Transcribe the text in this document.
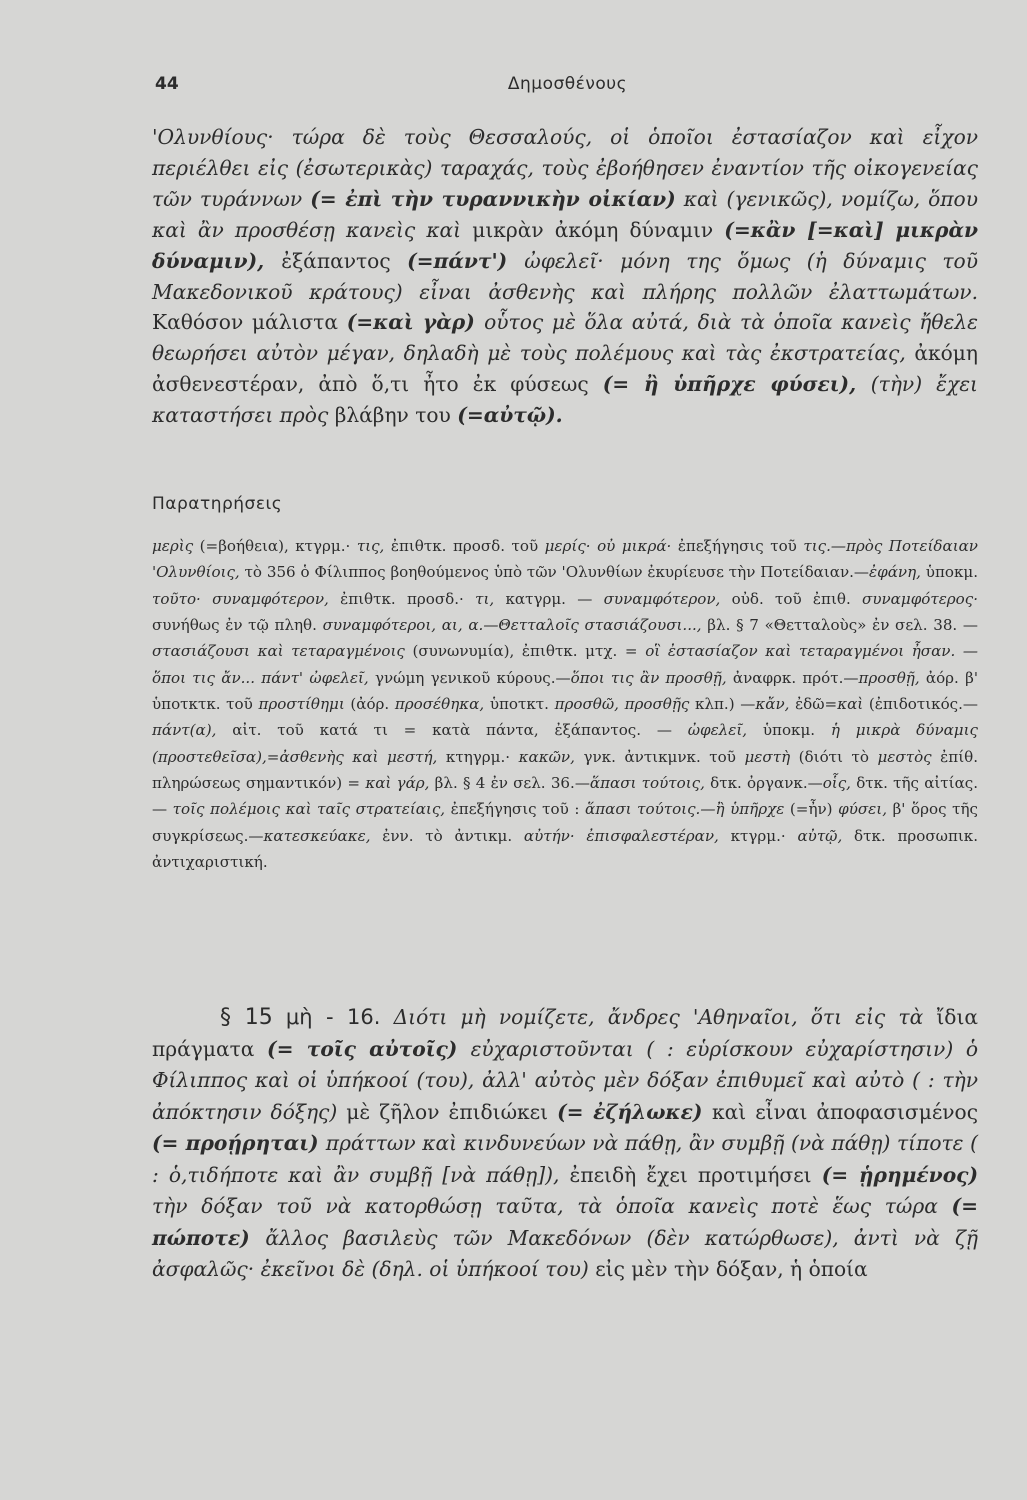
44	Δημοσθένους

'Ολυνθίους· τώρα δὲ τοὺς Θεσσαλούς, οἱ ὁποῖοι ἐστασίαζον καὶ εἶχον περιέλθει εἰς (ἐσωτερικὰς) ταραχάς, τοὺς ἐβοήθησεν ἐναντίον τῆς οἰκογενείας τῶν τυράννων (= ἐπὶ τὴν τυραννικὴν οἰκίαν) καὶ (γενικῶς), νομίζω, ὅπου καὶ ἂν προσθέσῃ κανεὶς καὶ μικρὰν ἀκόμη δύναμιν (=κἂν [=καὶ] μικρὰν δύναμιν), ἐξάπαντος (=πάντ') ὠφελεῖ· μόνη της ὅμως (ἡ δύναμις τοῦ Μακεδονικοῦ κράτους) εἶναι ἀσθενὴς καὶ πλήρης πολλῶν ἐλαττωμάτων. Καθόσον μάλιστα (=καὶ γὰρ) οὗτος μὲ ὅλα αὐτά, διὰ τὰ ὁποῖα κανεὶς ἤθελε θεωρήσει αὐτὸν μέγαν, δηλαδὴ μὲ τοὺς πολέμους καὶ τὰς ἐκστρατείας, ἀκόμη ἀσθενεστέραν, ἀπὸ ὅ,τι ἦτο ἐκ φύσεως (= ἢ ὑπῆρχε φύσει), (τὴν) ἔχει καταστήσει πρὸς βλάβην του (=αὐτῷ).

Παρατηρήσεις

μερὶς (=βοήθεια), κτγρμ.· τις, ἐπιθτκ. προσδ. τοῦ μερίς· οὐ μικρά· ἐπεξήγησις τοῦ τις.—πρὸς Ποτείδαιαν 'Ολυνθίοις, τὸ 356 ὁ Φίλιππος βοηθούμενος ὑπὸ τῶν 'Ολυνθίων ἐκυρίευσε τὴν Ποτείδαιαν.—ἐφάνη, ὑποκμ. τοῦτο· συναμφότερον, ἐπιθτκ. προσδ.· τι, κατγρμ. — συναμφότερον, οὐδ. τοῦ ἐπιθ. συναμφότερος· συνήθως ἐν τῷ πληθ. συναμφότεροι, αι, α.—Θετταλοῖς στασιάζουσι..., βλ. § 7 «Θετταλοὺς» ἐν σελ. 38. — στασιάζουσι καὶ τεταραγμένοις (συνωνυμία), ἐπιθτκ. μτχ. = οἳ ἐστασίαζον καὶ τεταραγμένοι ἦσαν. — ὅποι τις ἄν... πάντ' ὠφελεῖ, γνώμη γενικοῦ κύρους.—ὅποι τις ἂν προσθῇ, ἀναφρκ. πρότ.—προσθῇ, ἀόρ. β' ὑποτκτκ. τοῦ προστίθημι (ἀόρ. προσέθηκα, ὑποτκτ. προσθῶ, προσθῇς κλπ.) —κἄν, ἐδῶ=καὶ (ἐπιδοτικός.—πάντ(α), αἰτ. τοῦ κατά τι = κατὰ πάντα, ἐξάπαντος. — ὠφελεῖ, ὑποκμ. ἡ μικρὰ δύναμις (προστεθεῖσα),=ἀσθενὴς καὶ μεστή, κτηγρμ.· κακῶν, γνκ. ἀντικμνκ. τοῦ μεστὴ (διότι τὸ μεστὸς ἐπίθ. πληρώσεως σημαντικόν) = καὶ γάρ, βλ. § 4 ἐν σελ. 36.—ἅπασι τούτοις, δτκ. ὀργανκ.—οἷς, δτκ. τῆς αἰτίας. — τοῖς πολέμοις καὶ ταῖς στρατείαις, ἐπεξήγησις τοῦ : ἅπασι τούτοις.—ἢ ὑπῆρχε (=ἦν) φύσει, β' ὅρος τῆς συγκρίσεως.—κατεσκεύακε, ἐνν. τὸ ἀντικμ. αὐτήν· ἐπισφαλεστέραν, κτγρμ.· αὐτῷ, δτκ. προσωπικ. ἀντιχαριστική.

§ 15 μὴ - 16. Διότι μὴ νομίζετε, ἄνδρες 'Αθηναῖοι, ὅτι εἰς τὰ ἴδια πράγματα (= τοῖς αὐτοῖς) εὐχαριστοῦνται ( : εὑρίσκουν εὐχαρίστησιν) ὁ Φίλιππος καὶ οἱ ὑπήκοοί (του), ἀλλ' αὐτὸς μὲν δόξαν ἐπιθυμεῖ καὶ αὐτὸ ( : τὴν ἀπόκτησιν δόξης) μὲ ζῆλον ἐπιδιώκει (= ἐζήλωκε) καὶ εἶναι ἀποφασισμένος (= προῄρηται) πράττων καὶ κινδυνεύων νὰ πάθῃ, ἂν συμβῇ (νὰ πάθῃ) τίποτε ( : ὁ,τιδήποτε καὶ ἂν συμβῇ [νὰ πάθῃ]), ἐπειδὴ ἔχει προτιμήσει (= ᾑρημένος) τὴν δόξαν τοῦ νὰ κατορθώσῃ ταῦτα, τὰ ὁποῖα κανεὶς ποτὲ ἕως τώρα (= πώποτε) ἄλλος βασιλεὺς τῶν Μακεδόνων (δὲν κατώρθωσε), ἀντὶ νὰ ζῇ ἀσφαλῶς· ἐκεῖνοι δὲ (δηλ. οἱ ὑπήκοοί του) εἰς μὲν τὴν δόξαν, ἡ ὁποία
